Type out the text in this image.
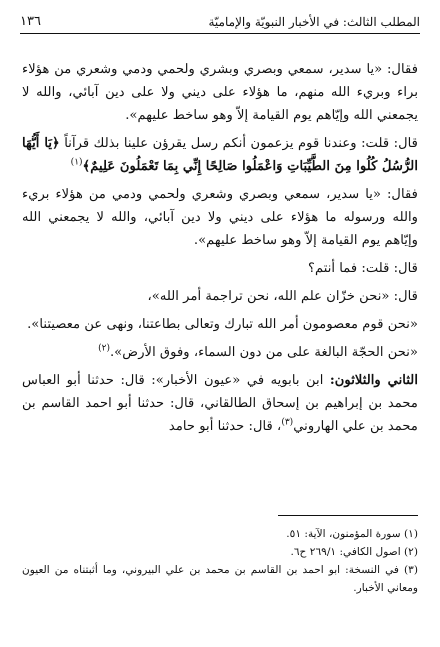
المطلب الثالث: في الأخبار النبويّة والإماميّة
١٣٦

فقال: «يا سدير، سمعي وبصري وبشري ولحمي ودمي وشعري من هؤلاء براء وبريء الله منهم، ما هؤلاء على ديني ولا على دين آبائي، والله لا يجمعني الله وإيّاهم يوم القيامة إلاّ وهو ساخط عليهم».

قال: قلت: وعندنا قوم يزعمون أنكم رسل يقرؤن علينا بذلك قرآناً ﴿يَا أَيُّهَا الرُّسُلُ كُلُوا مِنَ الطَّيِّبَاتِ وَاعْمَلُوا صَالِحًا إِنِّي بِمَا تَعْمَلُونَ عَلِيمٌ﴾$^{(١)}$

فقال: «يا سدير، سمعي وبصري وشعري ولحمي ودمي من هؤلاء بريء والله ورسوله ما هؤلاء على ديني ولا دين آبائي، والله لا يجمعني الله وإيّاهم يوم القيامة إلاّ وهو ساخط عليهم».

قال: قلت: فما أنتم؟

قال: «نحن خزّان علم الله، نحن تراجمة أمر الله»،

«نحن قوم معصومون أمر الله تبارك وتعالى بطاعتنا، ونهى عن معصيتنا».

«نحن الحجّة البالغة على من دون السماء، وفوق الأرض».$^{(٢)}$

الثاني والثلاثون: ابن بابويه في «عيون الأخبار»: قال: حدثنا أبو العباس محمد بن إبراهيم بن إسحاق الطالقاني، قال: حدثنا أبو احمد القاسم بن محمد بن علي الهاروني$^{(٣)}$، قال: حدثنا أبو حامد

(١) سورة المؤمنون، الآية: ٥١.

(٢) اصول الكافي: ٢٦٩/١ ح٦.

(٣) في النسخة: ابو احمد بن القاسم بن محمد بن علي البيروني، وما أثبتناه من العيون ومعاني الأخبار.
